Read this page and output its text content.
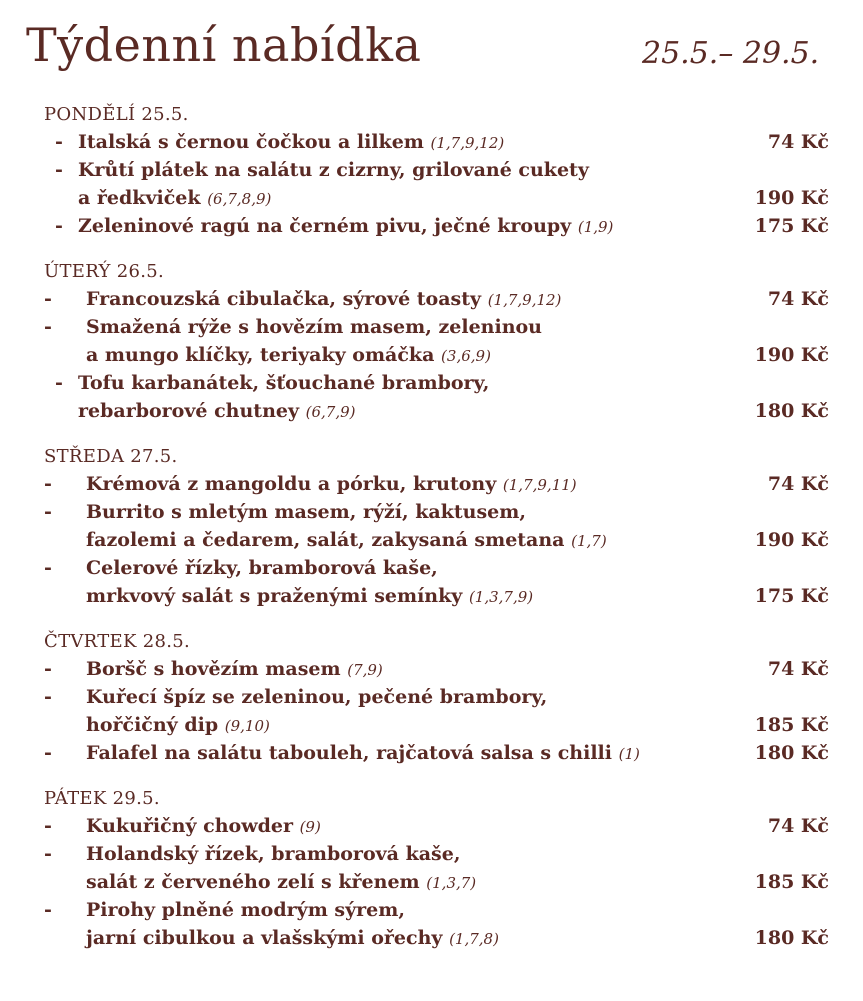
Týdenní nabídka	25.5.– 29.5.
PONDĚLÍ 25.5.
- Italská s černou čočkou a lilkem (1,7,9,12)	74 Kč
- Krůtí plátek na salátu z cizrny, grilované cukety
a ředkviček (6,7,8,9)	190 Kč
- Zeleninové ragú na černém pivu, ječné kroupy (1,9)	175 Kč
ÚTERÝ 26.5.
- Francouzská cibulačka, sýrové toasty (1,7,9,12)	74 Kč
- Smažená rýže s hovězím masem, zeleninou
a mungo klíčky, teriyaky omáčka (3,6,9)	190 Kč
- Tofu karbanátek, šťouchané brambory,
rebarborové chutney (6,7,9)	180 Kč
STŘEDA 27.5.
- Krémová z mangoldu a pórku, krutony (1,7,9,11)	74 Kč
- Burrito s mletým masem, rýží, kaktusem,
fazolemi a čedarem, salát, zakysaná smetana (1,7)	190 Kč
- Celerové řízky, bramborová kaše,
mrkvový salát s praženými semínky (1,3,7,9)	175 Kč
ČTVRTEK 28.5.
- Boršč s hovězím masem (7,9)	74 Kč
- Kuřecí špíz se zeleninou, pečené brambory,
hořčičný dip (9,10)	185 Kč
- Falafel na salátu tabouleh, rajčatová salsa s chilli (1)	180 Kč
PÁTEK 29.5.
- Kukuřičný chowder (9)	74 Kč
- Holandský řízek, bramborová kaše,
salát z červeného zelí s křenem (1,3,7)	185 Kč
- Pirohy plněné modrým sýrem,
jarní cibulkou a vlašskými ořechy (1,7,8)	180 Kč
